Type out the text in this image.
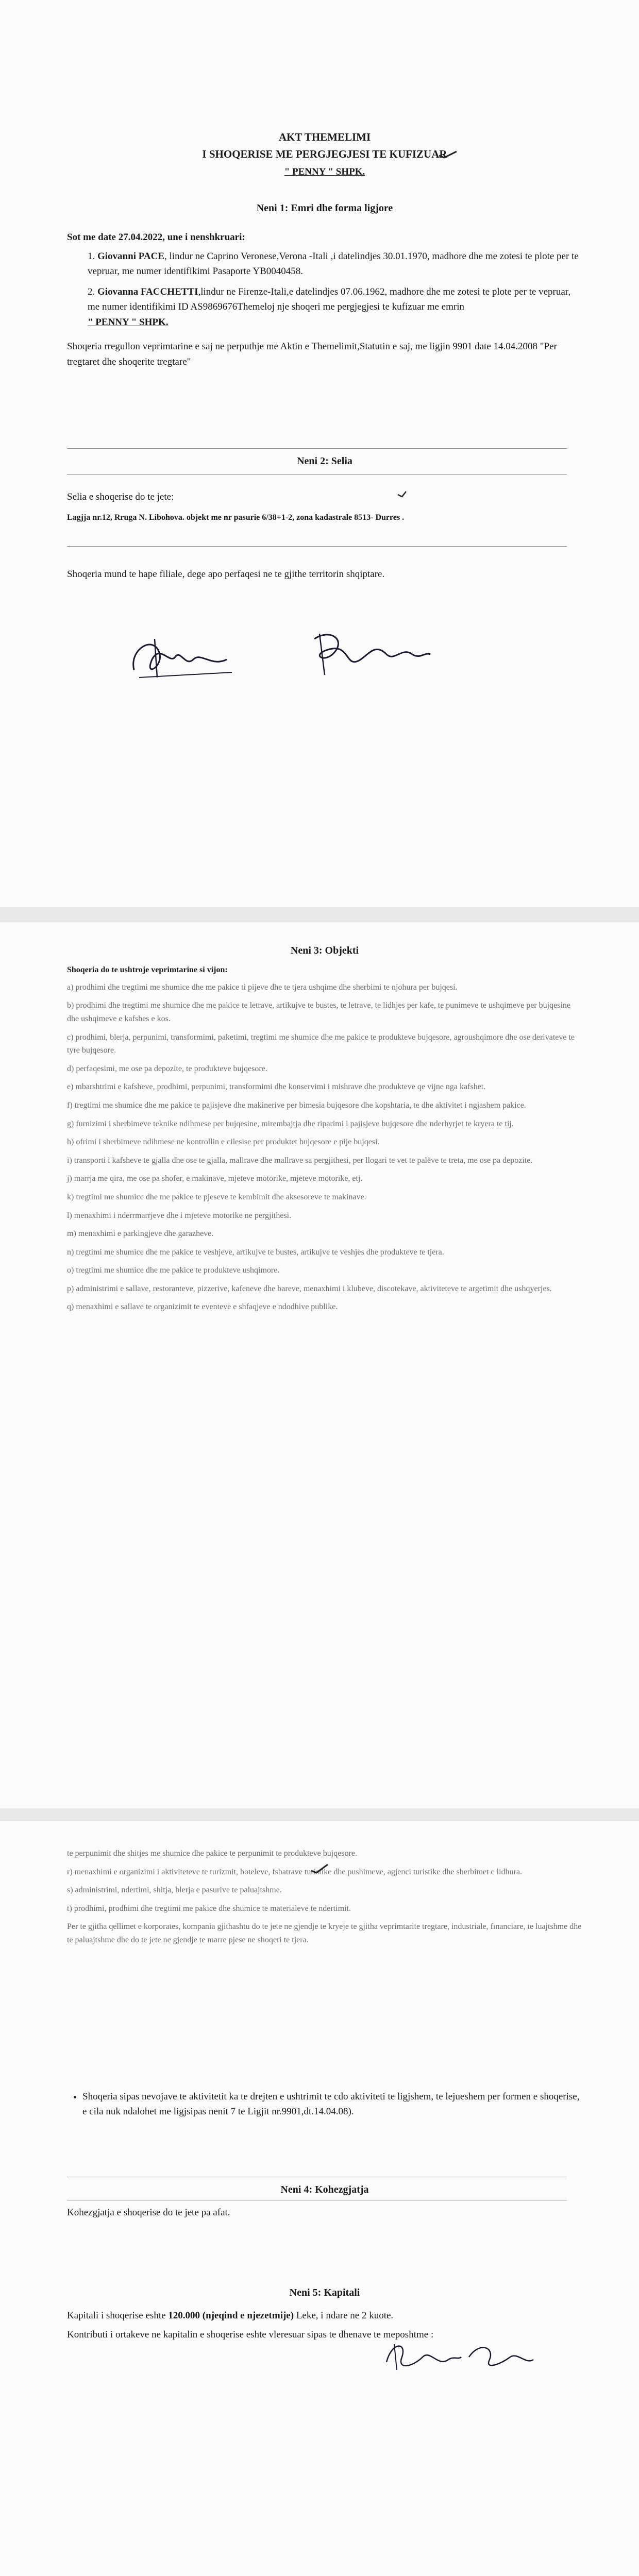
AKT THEMELIMI
I SHOQERISE ME PERGJEGJESI TE KUFIZUAR
" PENNY " SHPK.
Neni 1: Emri dhe forma ligjore

Sot me date 27.04.2022, une i nenshkruari:

1. Giovanni PACE, lindur ne Caprino Veronese,Verona -Itali ,i datelindjes 30.01.1970, madhore dhe me zotesi te plote per te vepruar, me numer identifikimi Pasaporte YB0040458.
2. Giovanna FACCHETTI,lindur ne Firenze-Itali,e datelindjes 07.06.1962, madhore dhe me zotesi te plote per te vepruar, me numer identifikimi ID AS9869676Themeloj nje shoqeri me pergjegjesi te kufizuar me emrin
" PENNY " SHPK.

Shoqeria rregullon veprimtarine e saj ne perputhje me Aktin e Themelimit,Statutin e saj, me ligjin 9901 date 14.04.2008 "Per tregtaret dhe shoqerite tregtare"

Neni 2: Selia

Selia e shoqerise do te jete:

Lagjja nr.12, Rruga N. Libohova. objekt me nr pasurie 6/38+1-2, zona kadastrale 8513- Durres .

Shoqeria mund te hape filiale, dege apo perfaqesi ne te gjithe territorin shqiptare.

Neni 3: Objekti

Shoqeria do te ushtroje veprimtarine si vijon:

a) prodhimi dhe tregtimi me shumice dhe me pakice ti pijeve dhe te tjera ushqime dhe sherbimi te njohura per bujqesi.

b) prodhimi dhe tregtimi me shumice dhe me pakice te letrave, artikujve te bustes, te letrave, te lidhjes per kafe, te punimeve te ushqimeve per bujqesine dhe ushqimeve e kafshes e kos.

c) prodhimi, blerja, perpunimi, transformimi, paketimi, tregtimi me shumice dhe me pakice te produkteve bujqesore, agroushqimore dhe ose derivateve te tyre bujqesore.

d) perfaqesimi, me ose pa depozite, te produkteve bujqesore.

e) mbarshtrimi e kafsheve, prodhimi, perpunimi, transformimi dhe konservimi i mishrave dhe produkteve qe vijne nga kafshet.

f) tregtimi me shumice dhe me pakice te pajisjeve dhe makinerive per bimesia bujqesore dhe kopshtaria, te dhe aktivitet i ngjashem pakice.

g) furnizimi i sherbimeve teknike ndihmese per bujqesine, mirembajtja dhe riparimi i pajisjeve bujqesore dhe nderhyrjet te kryera te tij.

h) ofrimi i sherbimeve ndihmese ne kontrollin e cilesise per produktet bujqesore e pije bujqesi.

i) transporti i kafsheve te gjalla dhe ose te gjalla, mallrave dhe mallrave sa pergjithesi, per llogari te vet te palëve te treta, me ose pa depozite.

j) marrja me qira, me ose pa shofer, e makinave, mjeteve motorike, mjeteve motorike, etj.

k) tregtimi me shumice dhe me pakice te pjeseve te kembimit dhe aksesoreve te makinave.

l) menaxhimi i nderrmarrjeve dhe i mjeteve motorike ne pergjithesi.

m) menaxhimi e parkingjeve dhe garazheve.

n) tregtimi me shumice dhe me pakice te veshjeve, artikujve te bustes, artikujve te veshjes dhe produkteve te tjera.

o) tregtimi me shumice dhe me pakice te produkteve ushqimore.

p) administrimi e sallave, restoranteve, pizzerive, kafeneve dhe bareve, menaxhimi i klubeve, discotekave, aktiviteteve te argetimit dhe ushqyerjes.

q) menaxhimi e sallave te organizimit te eventeve e shfaqjeve e ndodhive publike.

te perpunimit dhe shitjes me shumice dhe pakice te perpunimit te produkteve bujqesore.

r) menaxhimi e organizimi i aktiviteteve te turizmit, hoteleve, fshatrave turistike dhe pushimeve, agjenci turistike dhe sherbimet e lidhura.

s) administrimi, ndertimi, shitja, blerja e pasurive te paluajtshme.

t) prodhimi, prodhimi dhe tregtimi me pakice dhe shumice te materialeve te ndertimit.

Per te gjitha qellimet e korporates, kompania gjithashtu do te jete ne gjendje te kryeje te gjitha veprimtarite tregtare, industriale, financiare, te luajtshme dhe te paluajtshme dhe do te jete ne gjendje te marre pjese ne shoqeri te tjera.

• Shoqeria sipas nevojave te aktivitetit ka te drejten e ushtrimit te cdo aktiviteti te ligjshem, te lejueshem per formen e shoqerise, e cila nuk ndalohet me ligjsipas nenit 7 te Ligjit nr.9901,dt.14.04.08).
Neni 4: Kohezgjatja

Kohezgjatja e shoqerise do te jete pa afat.

Neni 5: Kapitali

Kapitali i shoqerise eshte 120.000 (njeqind e njezetmije) Leke, i ndare ne 2 kuote.

Kontributi i ortakeve ne kapitalin e shoqerise eshte vleresuar sipas te dhenave te meposhtme :
